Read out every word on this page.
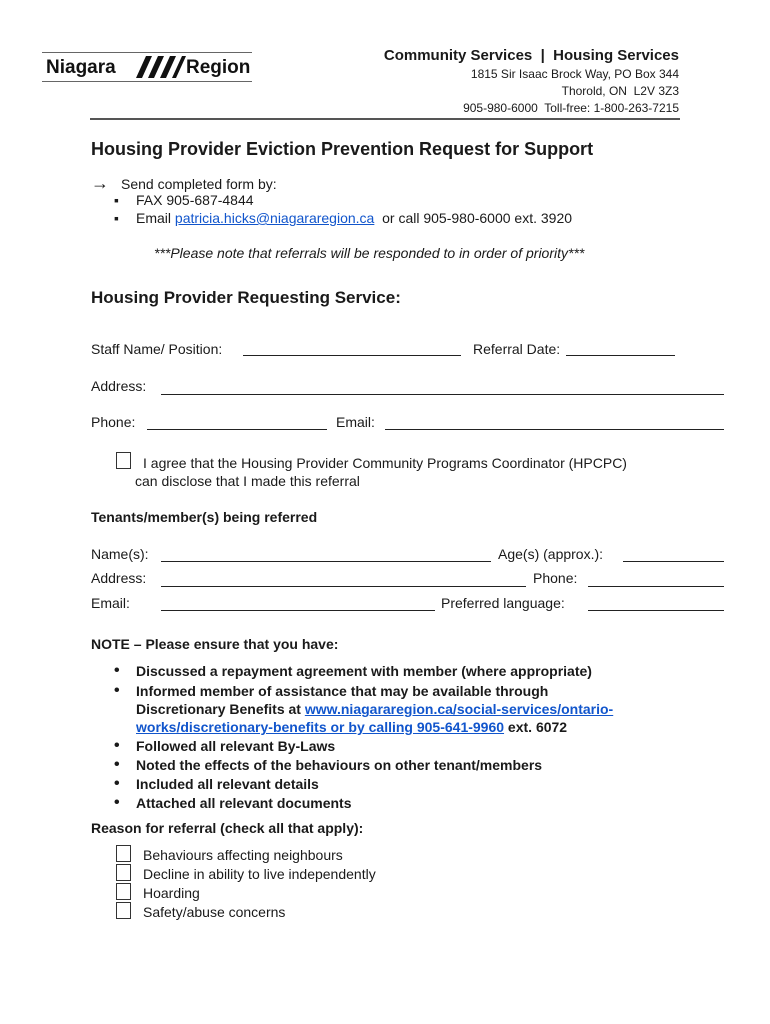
Niagara	Region
Community Services  |  Housing Services
1815 Sir Isaac Brock Way, PO Box 344
Thorold, ON  L2V 3Z3
905-980-6000  Toll-free: 1-800-263-7215
Housing Provider Eviction Prevention Request for Support
→ Send completed form by:
▪ FAX 905-687-4844
▪ Email patricia.hicks@niagararegion.ca  or call 905-980-6000 ext. 3920
***Please note that referrals will be responded to in order of priority***
Housing Provider Requesting Service:
Staff Name/ Position:	Referral Date:
Address:
Phone:	Email:
I agree that the Housing Provider Community Programs Coordinator (HPCPC)
can disclose that I made this referral
Tenants/member(s) being referred
Name(s):	Age(s) (approx.):
Address:	Phone:
Email:	Preferred language:
NOTE – Please ensure that you have:
• Discussed a repayment agreement with member (where appropriate)
• Informed member of assistance that may be available through
Discretionary Benefits at www.niagararegion.ca/social-services/ontario-
works/discretionary-benefits or by calling 905-641-9960 ext. 6072
• Followed all relevant By-Laws
• Noted the effects of the behaviours on other tenant/members
• Included all relevant details
• Attached all relevant documents
Reason for referral (check all that apply):
Behaviours affecting neighbours
Decline in ability to live independently
Hoarding
Safety/abuse concerns
